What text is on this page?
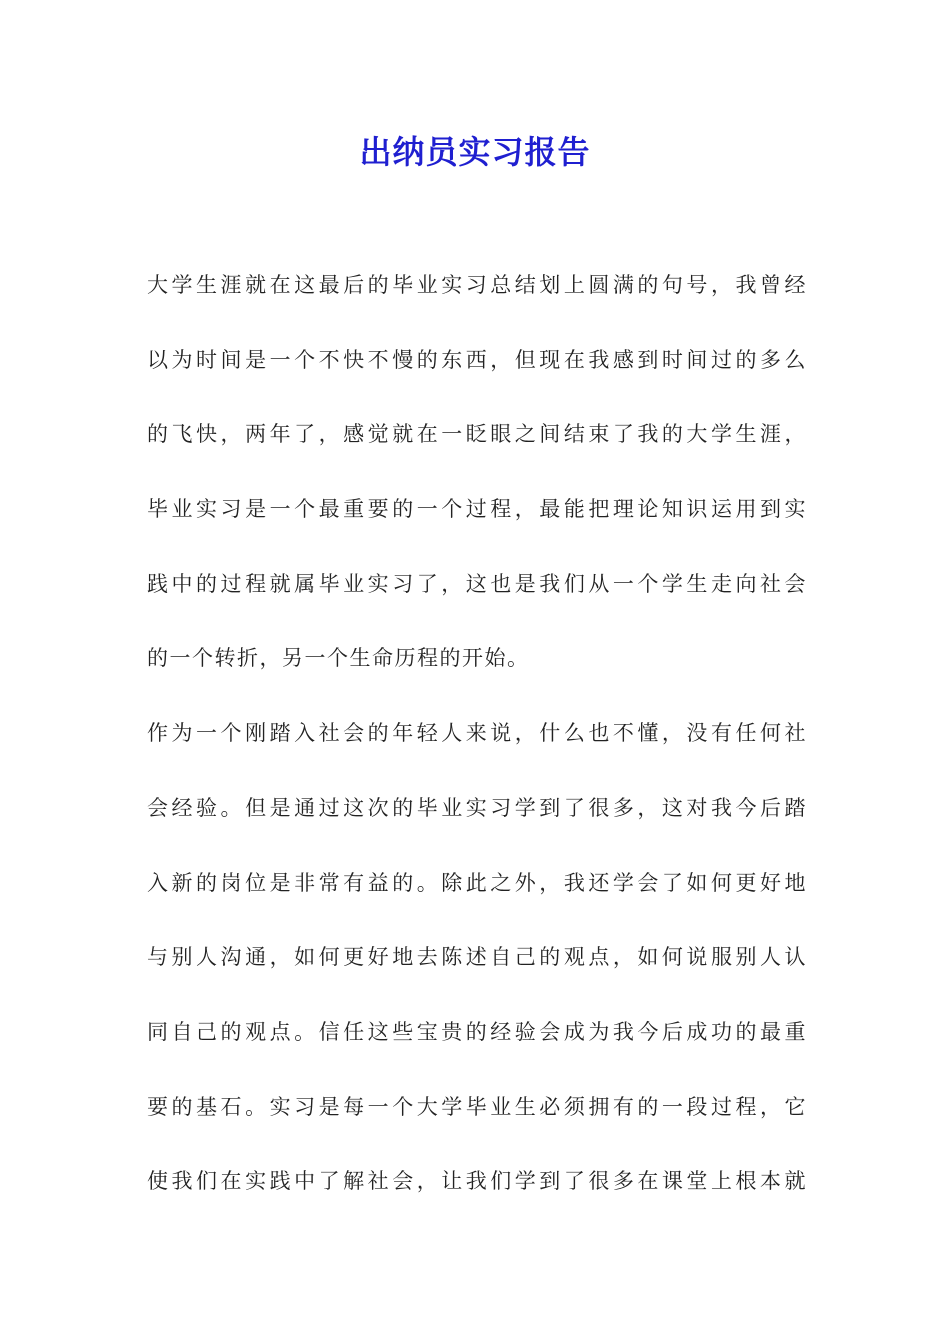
出纳员实习报告
大学生涯就在这最后的毕业实习总结划上圆满的句号，我曾经
以为时间是一个不快不慢的东西，但现在我感到时间过的多么
的飞快，两年了，感觉就在一眨眼之间结束了我的大学生涯，
毕业实习是一个最重要的一个过程，最能把理论知识运用到实
践中的过程就属毕业实习了，这也是我们从一个学生走向社会
的一个转折，另一个生命历程的开始。
作为一个刚踏入社会的年轻人来说，什么也不懂，没有任何社
会经验。但是通过这次的毕业实习学到了很多，这对我今后踏
入新的岗位是非常有益的。除此之外，我还学会了如何更好地
与别人沟通，如何更好地去陈述自己的观点，如何说服别人认
同自己的观点。信任这些宝贵的经验会成为我今后成功的最重
要的基石。实习是每一个大学毕业生必须拥有的一段过程，它
使我们在实践中了解社会，让我们学到了很多在课堂上根本就
